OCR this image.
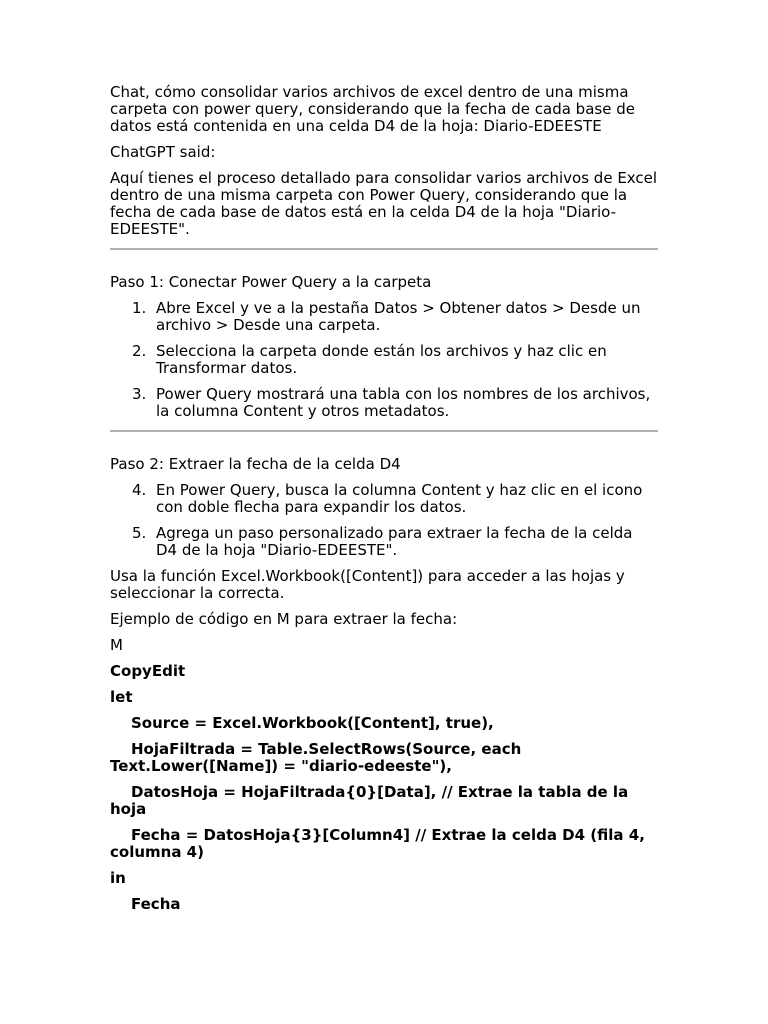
Chat, cómo consolidar varios archivos de excel dentro de una misma carpeta con power query, considerando que la fecha de cada base de datos está contenida en una celda D4 de la hoja: Diario-EDEESTE

ChatGPT said:

Aquí tienes el proceso detallado para consolidar varios archivos de Excel dentro de una misma carpeta con Power Query, considerando que la fecha de cada base de datos está en la celda D4 de la hoja "Diario-EDEESTE".

Paso 1: Conectar Power Query a la carpeta

1. Abre Excel y ve a la pestaña Datos > Obtener datos > Desde un archivo > Desde una carpeta.
2. Selecciona la carpeta donde están los archivos y haz clic en Transformar datos.
3. Power Query mostrará una tabla con los nombres de los archivos, la columna Content y otros metadatos.

Paso 2: Extraer la fecha de la celda D4

4. En Power Query, busca la columna Content y haz clic en el icono con doble flecha para expandir los datos.
5. Agrega un paso personalizado para extraer la fecha de la celda D4 de la hoja "Diario-EDEESTE".

Usa la función Excel.Workbook([Content]) para acceder a las hojas y seleccionar la correcta.

Ejemplo de código en M para extraer la fecha:

M

CopyEdit

let

Source = Excel.Workbook([Content], true),

HojaFiltrada = Table.SelectRows(Source, each Text.Lower([Name]) = "diario-edeeste"),

DatosHoja = HojaFiltrada{0}[Data], // Extrae la tabla de la hoja

Fecha = DatosHoja{3}[Column4] // Extrae la celda D4 (fila 4, columna 4)

in

Fecha
